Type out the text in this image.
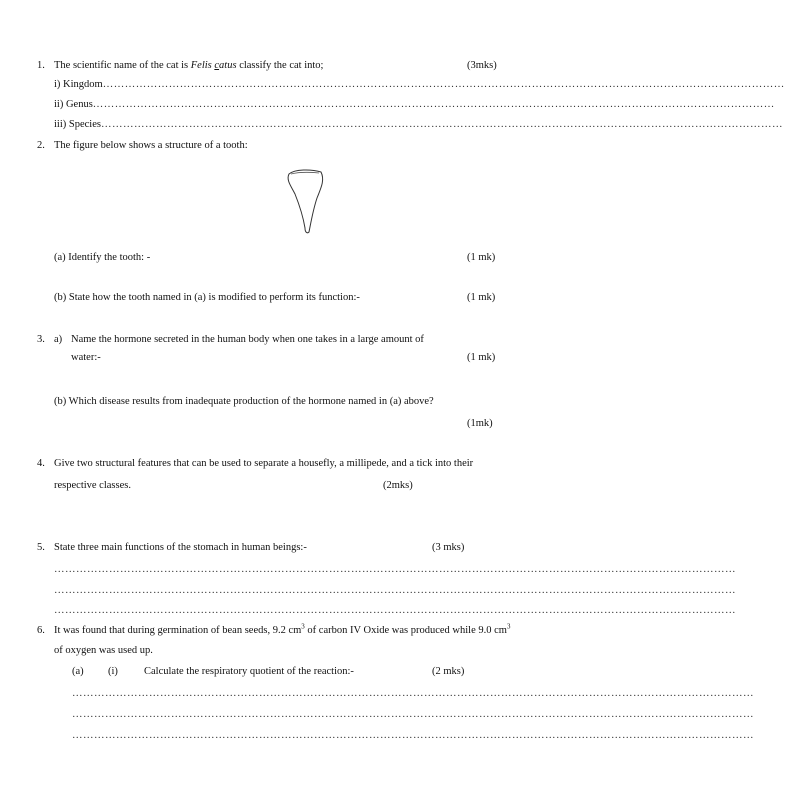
1. The scientific name of the cat is Felis catus classify the cat into;	(3mks)
i) Kingdom……………………………………………………………………………………………………………………………………………………………………
ii) Genus……………………………………………………………………………………………………………………………………………………………………
iii) Species……………………………………………………………………………………………………………………………………………………………………
2. The figure below shows a structure of a tooth:
(a) Identify the tooth: -	(1 mk)
(b) State how the tooth named in (a) is modified to perform its function:-	(1 mk)
3. a) Name the hormone secreted in the human body when one takes in a large amount of
water:-	(1 mk)
(b) Which disease results from inadequate production of the hormone named in (a) above?
(1mk)
4. Give two structural features that can be used to separate a housefly, a millipede, and a tick into their
respective classes.	(2mks)
5. State three main functions of the stomach in human beings:-	(3 mks)
……………………………………………………………………………………………………………………………………………………………………
……………………………………………………………………………………………………………………………………………………………………
……………………………………………………………………………………………………………………………………………………………………
6. It was found that during germination of bean seeds, 9.2 $cm^3$ of carbon IV Oxide was produced while 9.0 $cm^3$
of oxygen was used up.
(a) (i) Calculate the respiratory quotient of the reaction:-	(2 mks)
……………………………………………………………………………………………………………………………………………………………………
……………………………………………………………………………………………………………………………………………………………………
……………………………………………………………………………………………………………………………………………………………………
